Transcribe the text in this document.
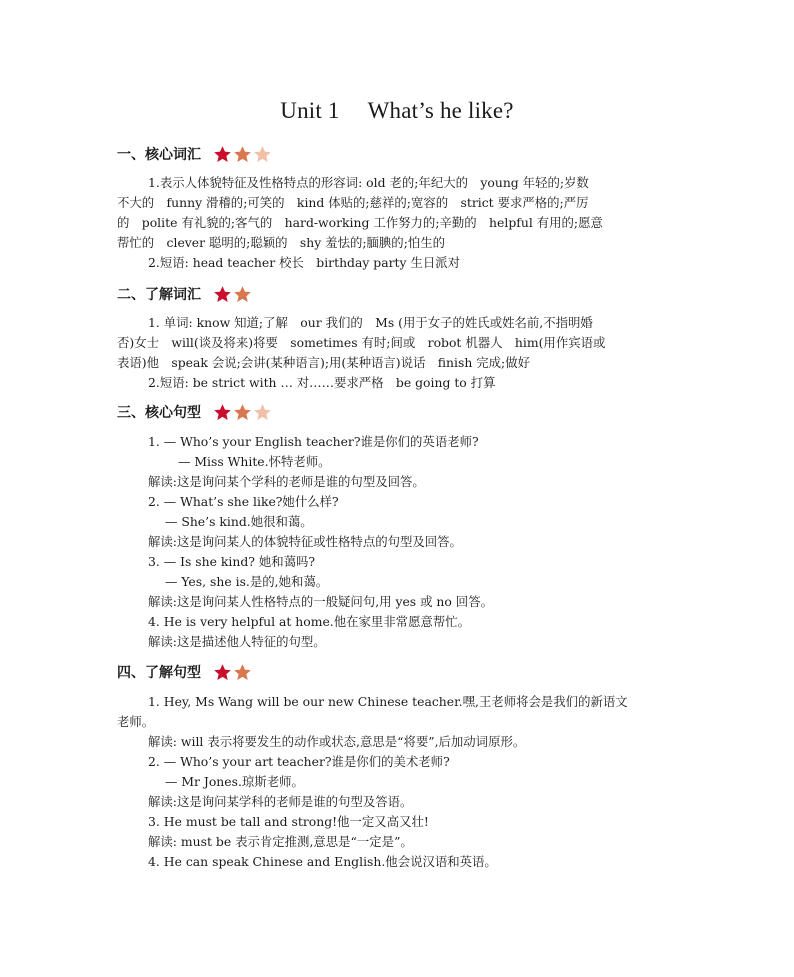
Unit 1 What’s he like?
一、核心词汇
1.表示人体貌特征及性格特点的形容词: old 老的;年纪大的　young 年轻的;岁数
不大的　funny 滑稽的;可笑的　kind 体贴的;慈祥的;宽容的　strict 要求严格的;严厉
的　polite 有礼貌的;客气的　hard-working 工作努力的;辛勤的　helpful 有用的;愿意
帮忙的　clever 聪明的;聪颖的　shy 羞怯的;腼腆的;怕生的
2.短语: head teacher 校长　birthday party 生日派对
二、了解词汇
1. 单词: know 知道;了解　our 我们的　Ms (用于女子的姓氏或姓名前,不指明婚
否)女士　will(谈及将来)将要　sometimes 有时;间或　robot 机器人　him(用作宾语或
表语)他　speak 会说;会讲(某种语言);用(某种语言)说话　finish 完成;做好
2.短语: be strict with … 对……要求严格　be going to 打算
三、核心句型
1. — Who’s your English teacher?谁是你们的英语老师?
— Miss White.怀特老师。
解读:这是询问某个学科的老师是谁的句型及回答。
2. — What’s she like?她什么样?
— She’s kind.她很和蔼。
解读:这是询问某人的体貌特征或性格特点的句型及回答。
3. — Is she kind? 她和蔼吗?
— Yes, she is.是的,她和蔼。
解读:这是询问某人性格特点的一般疑问句,用 yes 或 no 回答。
4. He is very helpful at home.他在家里非常愿意帮忙。
解读:这是描述他人特征的句型。
四、了解句型
1. Hey, Ms Wang will be our new Chinese teacher.嘿,王老师将会是我们的新语文
老师。
解读: will 表示将要发生的动作或状态,意思是“将要”,后加动词原形。
2. — Who’s your art teacher?谁是你们的美术老师?
— Mr Jones.琼斯老师。
解读:这是询问某学科的老师是谁的句型及答语。
3. He must be tall and strong!他一定又高又壮!
解读: must be 表示肯定推测,意思是“一定是”。
4. He can speak Chinese and English.他会说汉语和英语。
